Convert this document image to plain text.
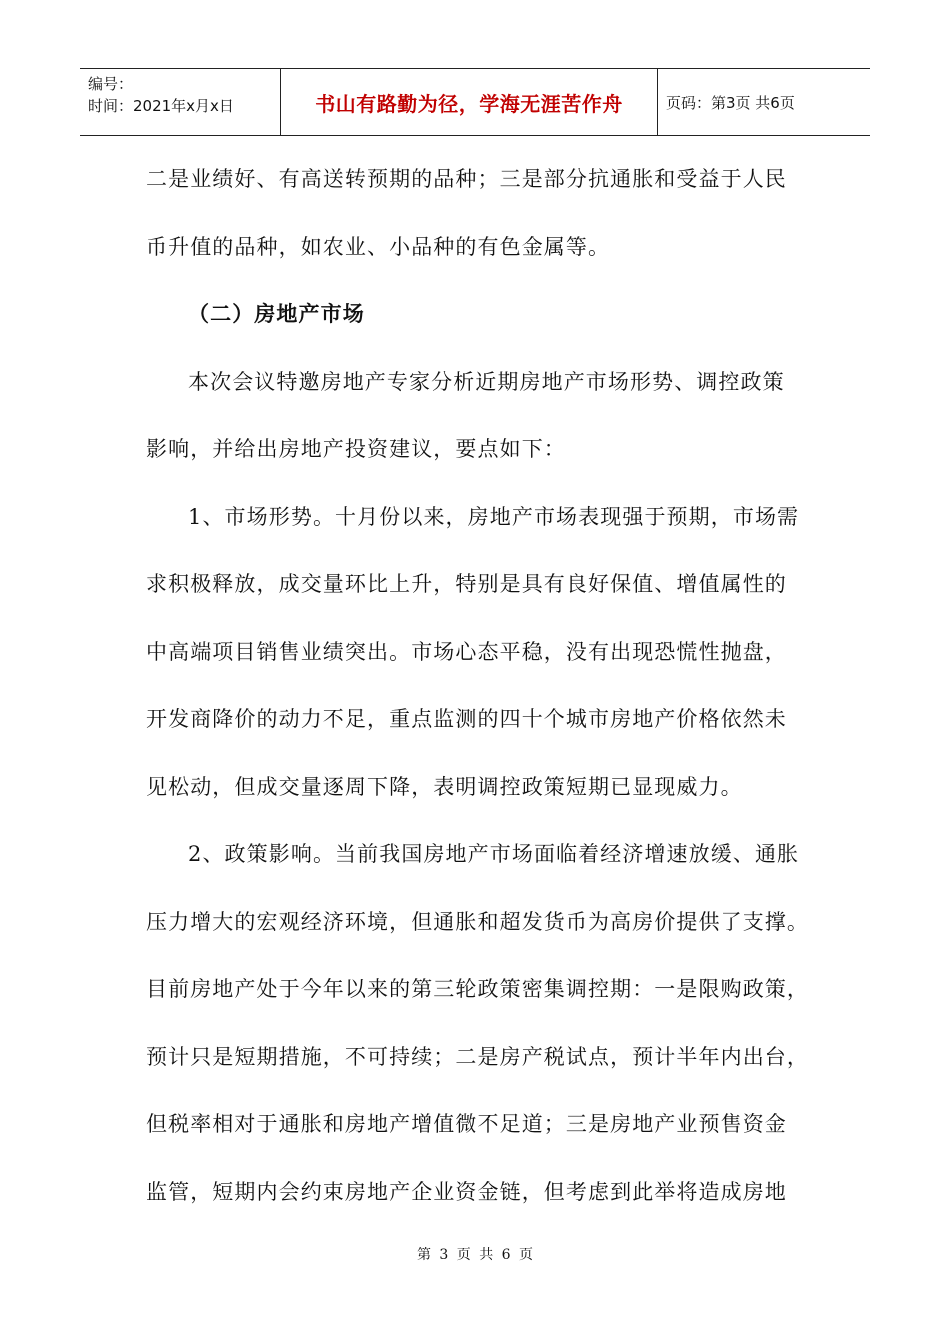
编号：
时间：2021年x月x日	书山有路勤为径，学海无涯苦作舟	页码：第3页 共6页
二是业绩好、有高送转预期的品种；三是部分抗通胀和受益于人民
币升值的品种，如农业、小品种的有色金属等。
（二）房地产市场
本次会议特邀房地产专家分析近期房地产市场形势、调控政策
影响，并给出房地产投资建议，要点如下：
1、市场形势。十月份以来，房地产市场表现强于预期，市场需
求积极释放，成交量环比上升，特别是具有良好保值、增值属性的
中高端项目销售业绩突出。市场心态平稳，没有出现恐慌性抛盘，
开发商降价的动力不足，重点监测的四十个城市房地产价格依然未
见松动，但成交量逐周下降，表明调控政策短期已显现威力。
2、政策影响。当前我国房地产市场面临着经济增速放缓、通胀
压力增大的宏观经济环境，但通胀和超发货币为高房价提供了支撑。
目前房地产处于今年以来的第三轮政策密集调控期：一是限购政策，
预计只是短期措施，不可持续；二是房产税试点，预计半年内出台，
但税率相对于通胀和房地产增值微不足道；三是房地产业预售资金
监管，短期内会约束房地产企业资金链，但考虑到此举将造成房地
第 3 页 共 6 页
